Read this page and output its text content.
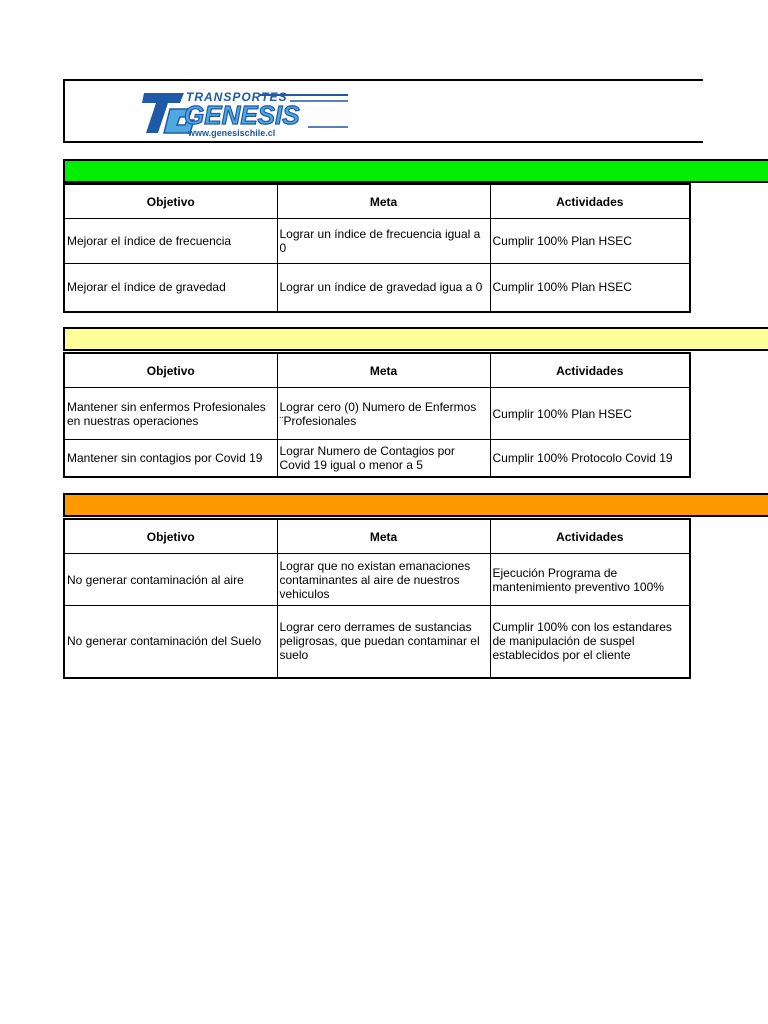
TRANSPORTES
GENESIS
www.genesischile.cl
Objetivo	Meta	Actividades
Mejorar el índice de frecuencia	Lograr un índice de frecuencia igual a 0	Cumplir 100% Plan HSEC
Mejorar el índice de gravedad	Lograr un índice de gravedad igua a 0	Cumplir 100% Plan HSEC
Objetivo	Meta	Actividades
Mantener sin enfermos Profesionales en nuestras operaciones	Lograr cero (0) Numero de Enfermos ¨Profesionales	Cumplir 100% Plan HSEC
Mantener sin contagios por Covid 19	Lograr Numero de Contagios por Covid 19 igual o menor a 5	Cumplir 100% Protocolo Covid 19
Objetivo	Meta	Actividades
No generar contaminación al aire	Lograr que no existan emanaciones contaminantes al aire de nuestros vehiculos	Ejecución Programa de mantenimiento preventivo 100%
No generar contaminación del Suelo	Lograr cero derrames de sustancias peligrosas, que puedan contaminar el suelo	Cumplir 100% con los estandares de manipulación de suspel establecidos por el cliente
